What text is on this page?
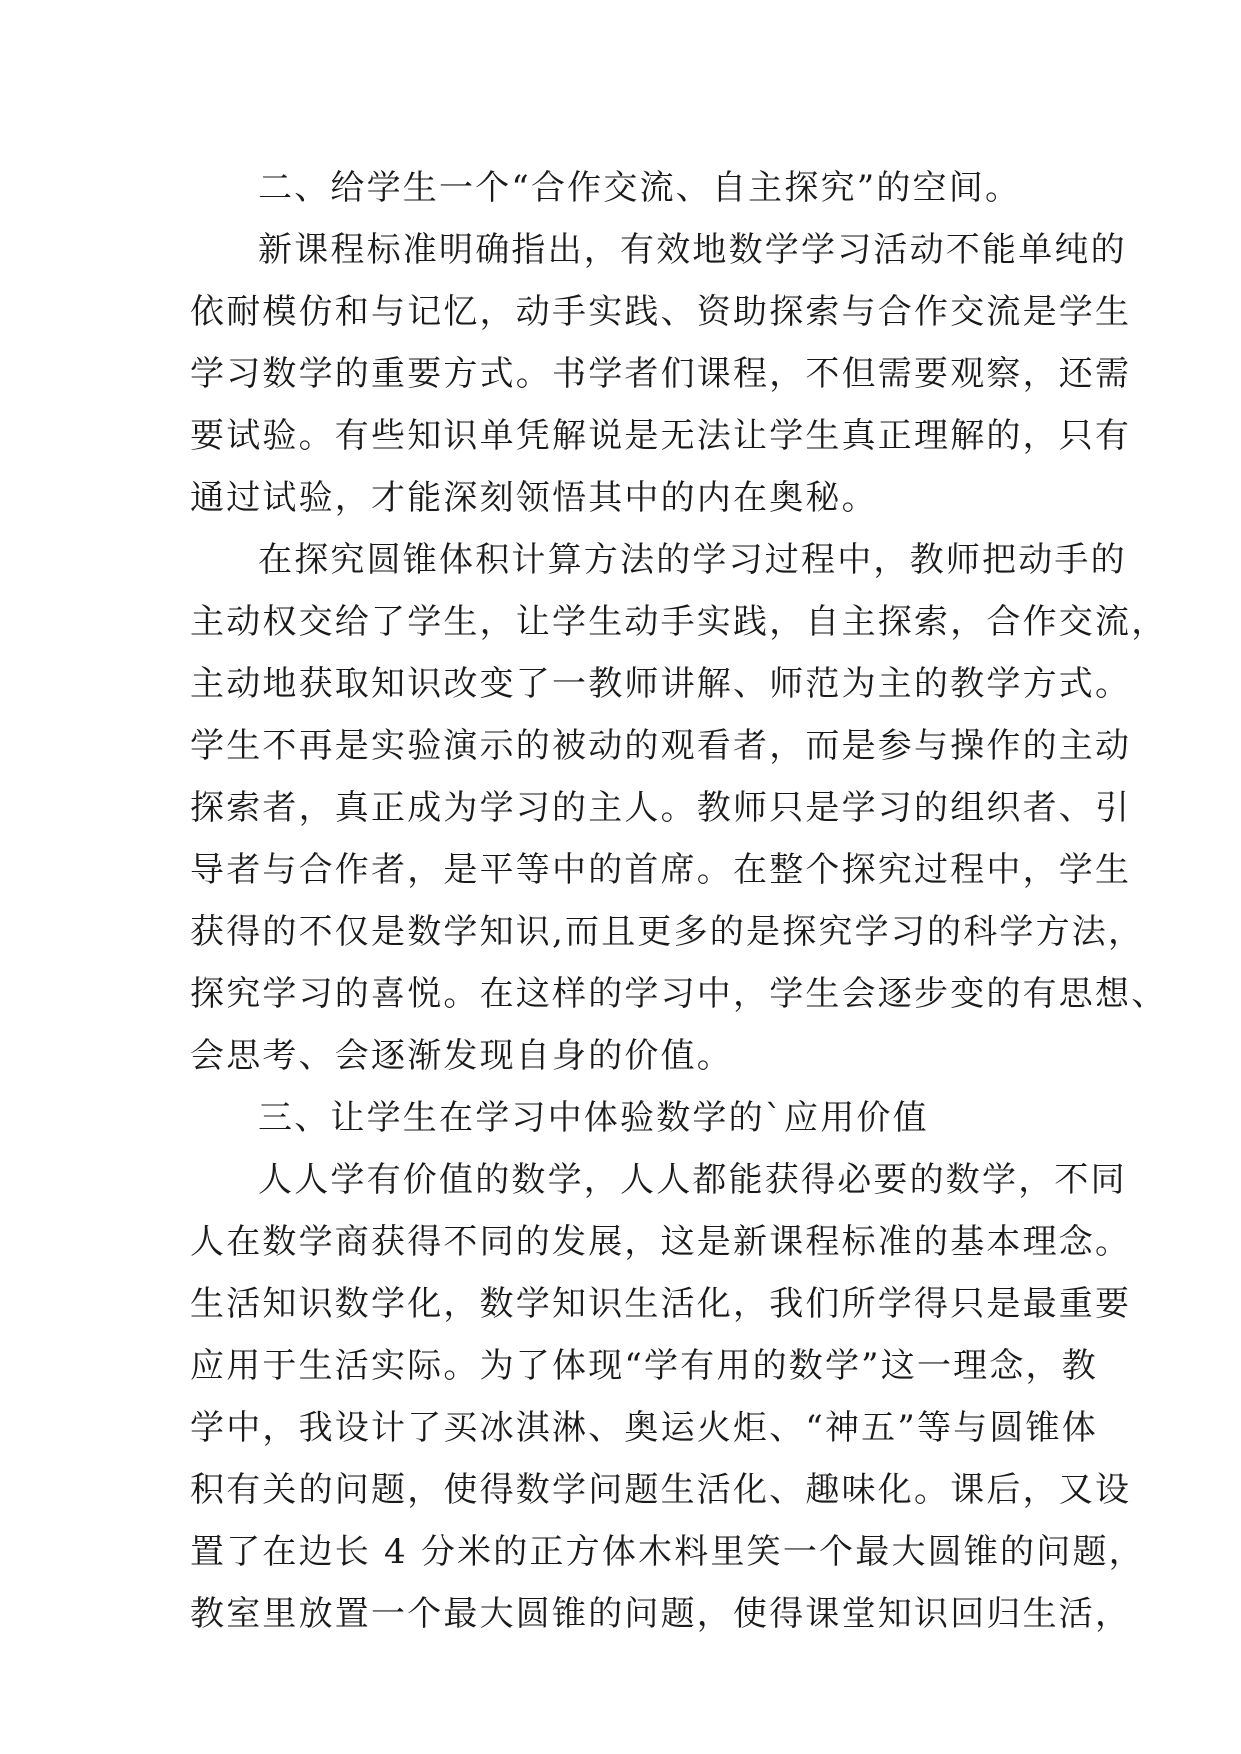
二、给学生一个“合作交流、自主探究”的空间。
新课程标准明确指出，有效地数学学习活动不能单纯的
依耐模仿和与记忆，动手实践、资助探索与合作交流是学生
学习数学的重要方式。书学者们课程，不但需要观察，还需
要试验。有些知识单凭解说是无法让学生真正理解的，只有
通过试验，才能深刻领悟其中的内在奥秘。
在探究圆锥体积计算方法的学习过程中，教师把动手的
主动权交给了学生，让学生动手实践，自主探索，合作交流，
主动地获取知识改变了一教师讲解、师范为主的教学方式。
学生不再是实验演示的被动的观看者，而是参与操作的主动
探索者，真正成为学习的主人。教师只是学习的组织者、引
导者与合作者，是平等中的首席。在整个探究过程中，学生
获得的不仅是数学知识,而且更多的是探究学习的科学方法，
探究学习的喜悦。在这样的学习中，学生会逐步变的有思想、
会思考、会逐渐发现自身的价值。
三、让学生在学习中体验数学的`应用价值
人人学有价值的数学，人人都能获得必要的数学，不同
人在数学商获得不同的发展，这是新课程标准的基本理念。
生活知识数学化，数学知识生活化，我们所学得只是最重要
应用于生活实际。为了体现“学有用的数学”这一理念，教
学中，我设计了买冰淇淋、奥运火炬、“神五”等与圆锥体
积有关的问题，使得数学问题生活化、趣味化。课后，又设
置了在边长 4 分米的正方体木料里笑一个最大圆锥的问题，
教室里放置一个最大圆锥的问题，使得课堂知识回归生活，
